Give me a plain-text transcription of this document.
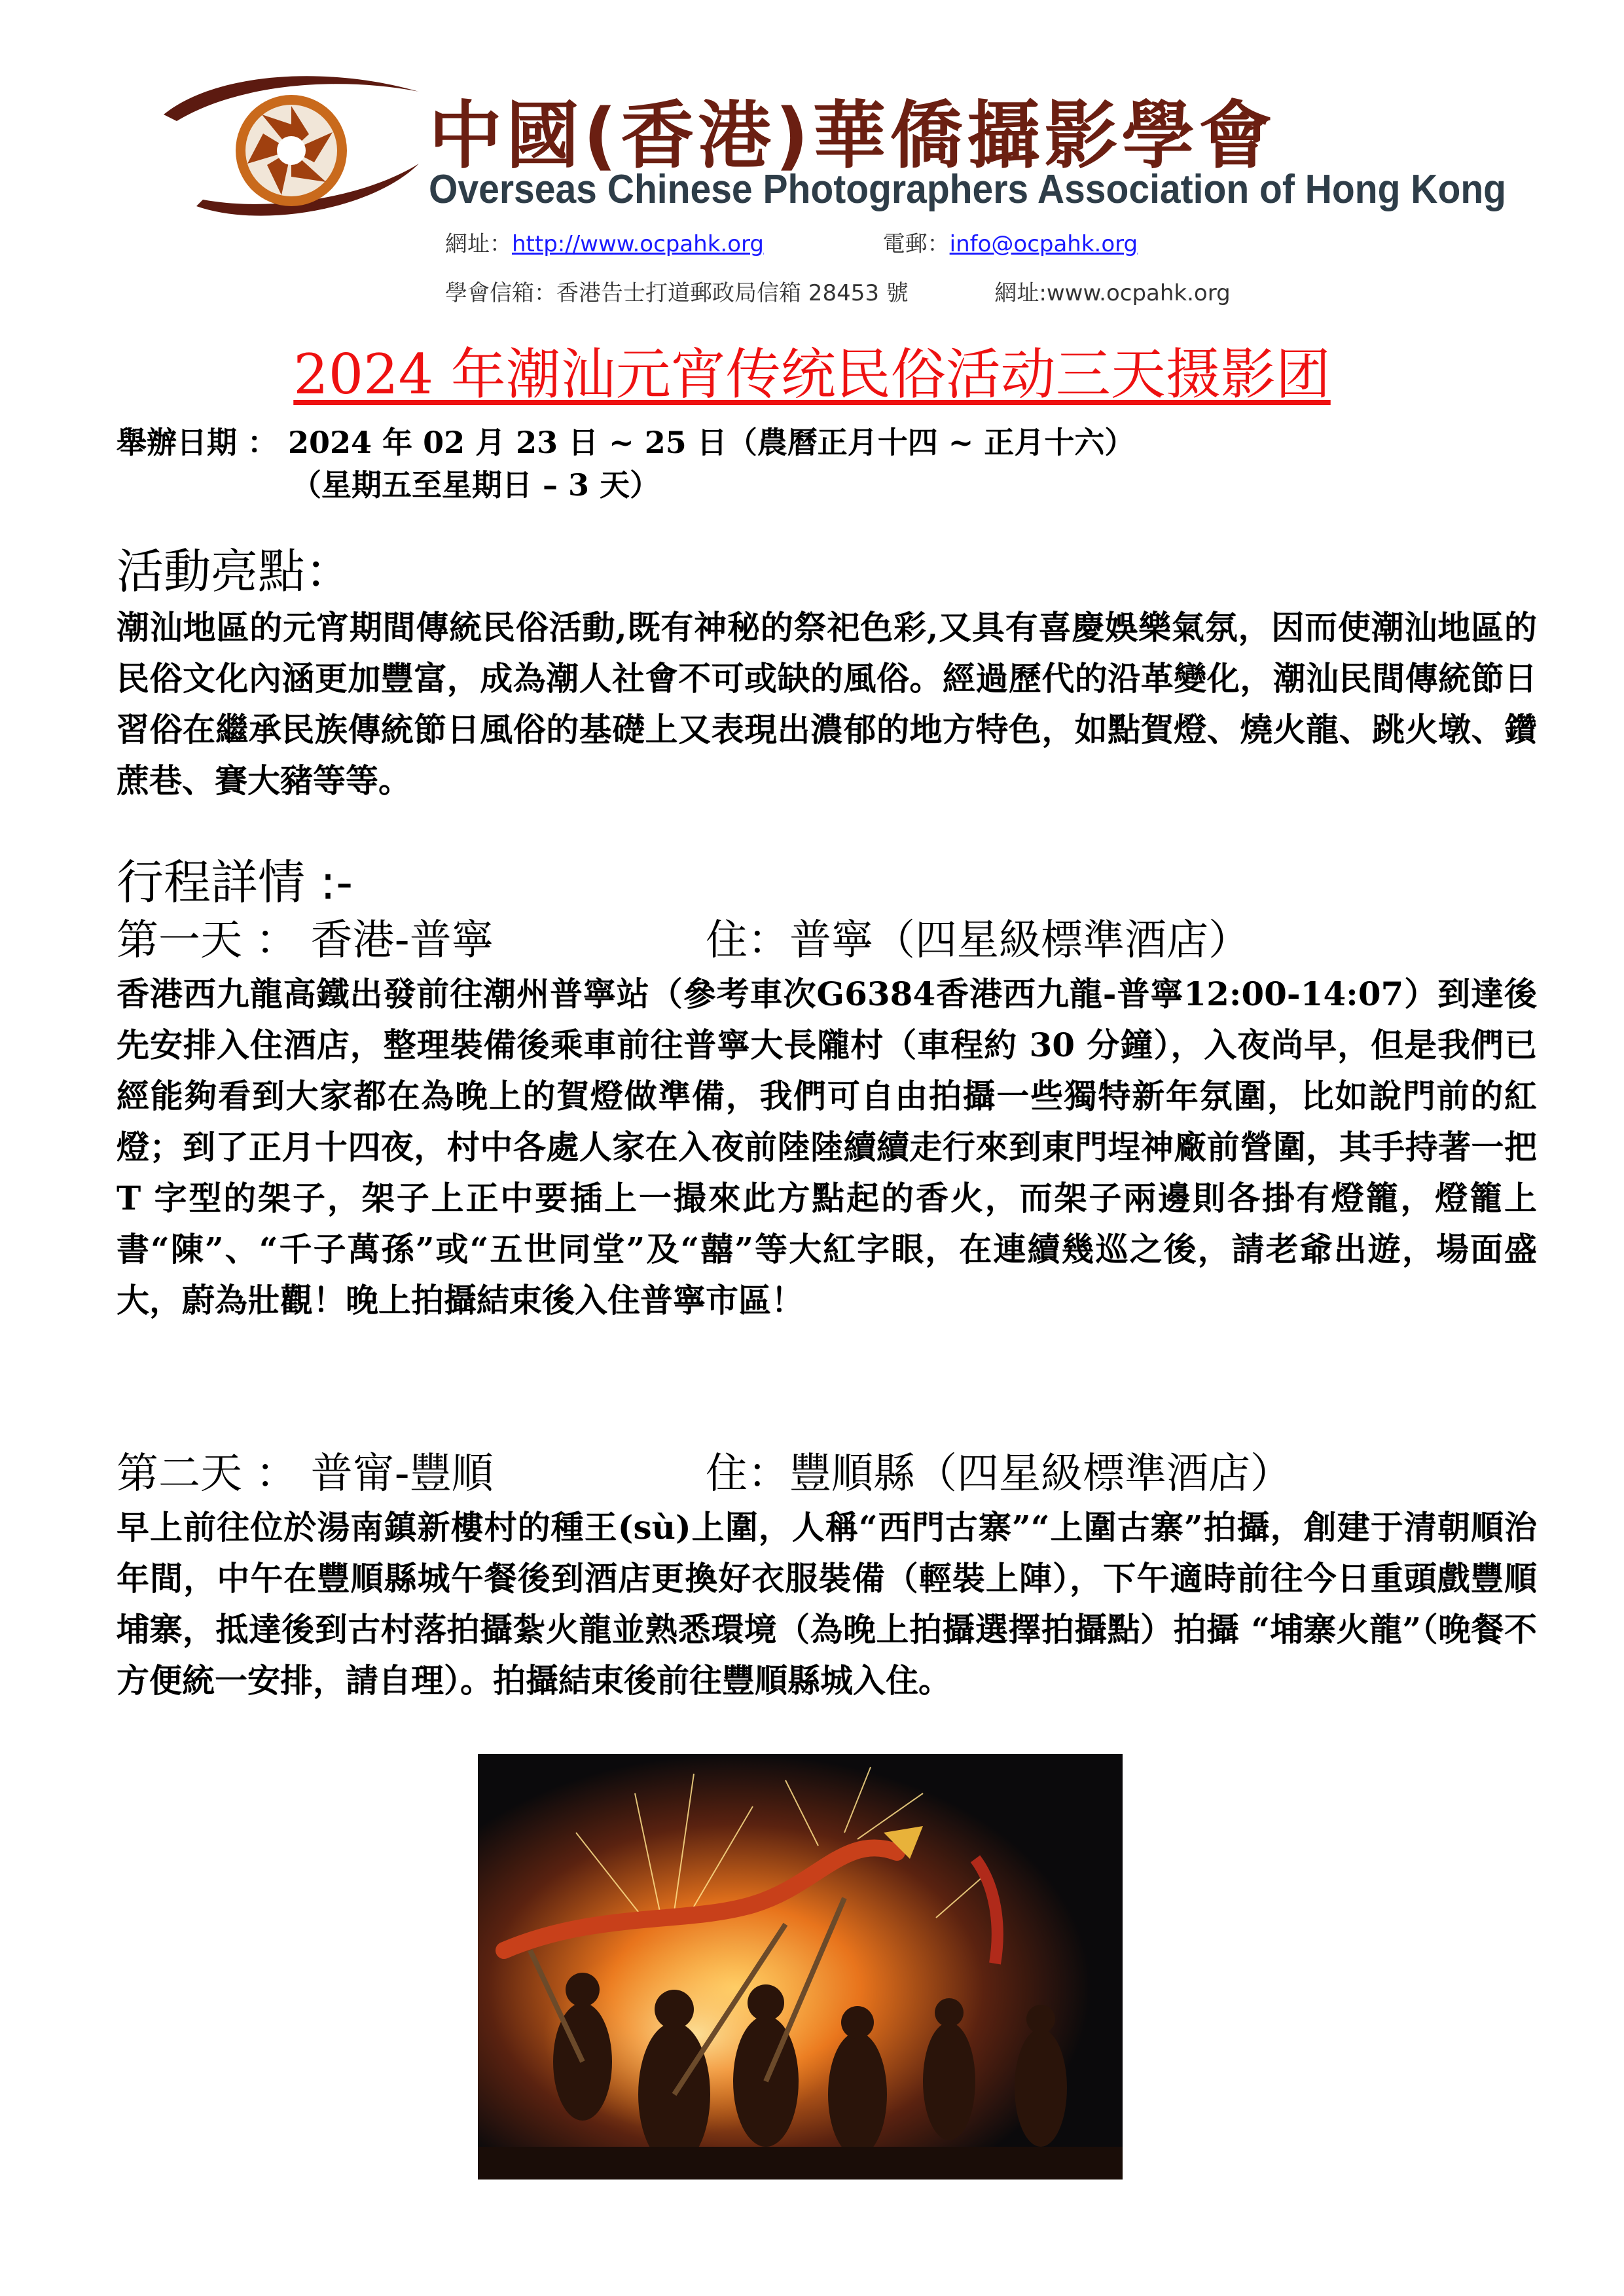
中國(香港)華僑攝影學會
Overseas Chinese Photographers Association of Hong Kong
網址：http://www.ocpahk.org	電郵：info@ocpahk.org
學會信箱：香港告士打道郵政局信箱 28453 號	網址:www.ocpahk.org
2024 年潮汕元宵传统民俗活动三天摄影团
舉辦日期 ： 2024 年 02 月 23 日 ~ 25 日（農曆正月十四 ~ 正月十六）
（星期五至星期日 – 3 天）
活動亮點：

潮汕地區的元宵期間傳統民俗活動,既有神秘的祭祀色彩,又具有喜慶娛樂氣氛，因而使潮汕地區的民俗文化內涵更加豐富，成為潮人社會不可或缺的風俗。經過歷代的沿革變化，潮汕民間傳統節日習俗在繼承民族傳統節日風俗的基礎上又表現出濃郁的地方特色，如點賀燈、燒火龍、跳火墩、鑽蔗巷、賽大豬等等。

行程詳情 :-
第一天 ： 香港-普寧	住：普寧（四星級標準酒店）

香港西九龍高鐵出發前往潮州普寧站（參考車次G6384香港西九龍-普寧12:00-14:07）到達後先安排入住酒店，整理裝備後乘車前往普寧大長隴村（車程約 30 分鐘），入夜尚早，但是我們已經能夠看到大家都在為晚上的賀燈做準備，我們可自由拍攝一些獨特新年氛圍，比如說門前的紅燈；到了正月十四夜，村中各處人家在入夜前陸陸續續走行來到東門埕神廠前營圍，其手持著一把 T 字型的架子，架子上正中要插上一撮來此方點起的香火，而架子兩邊則各掛有燈籠，燈籠上書“陳”、“千子萬孫”或“五世同堂”及“囍”等大紅字眼，在連續幾巡之後，請老爺出遊，場面盛大，蔚為壯觀！晚上拍攝結束後入住普寧市區！

第二天 ： 普甯-豐順	住：豐順縣（四星級標準酒店）

早上前往位於湯南鎮新樓村的種王(sù)上圍，人稱“西門古寨”“上圍古寨”拍攝，創建于清朝順治年間，中午在豐順縣城午餐後到酒店更換好衣服裝備（輕裝上陣），下午適時前往今日重頭戲豐順埔寨，抵達後到古村落拍攝紮火龍並熟悉環境（為晚上拍攝選擇拍攝點）拍攝 “埔寨火龍”（晚餐不方便統一安排，請自理）。拍攝結束後前往豐順縣城入住。
